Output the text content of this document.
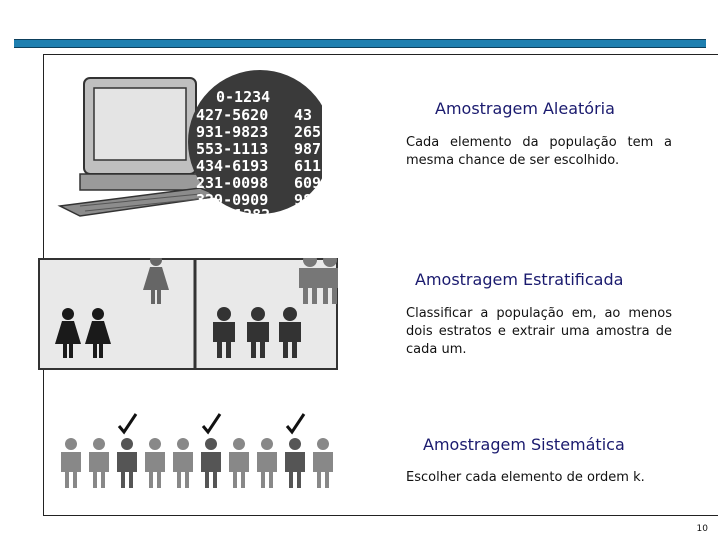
0-1234
427-5620
931-9823
553-1113
434-6193
231-0098
329-0909
3-1282
43
265
987
611
609
98
Amostragem Aleatória
Cada elemento da população tem a mesma chance de ser escolhido.
Amostragem Estratificada
Classificar a população em, ao menos dois estratos e extrair uma amostra de cada um.
Amostragem Sistemática
Escolher cada elemento de ordem k.
10
